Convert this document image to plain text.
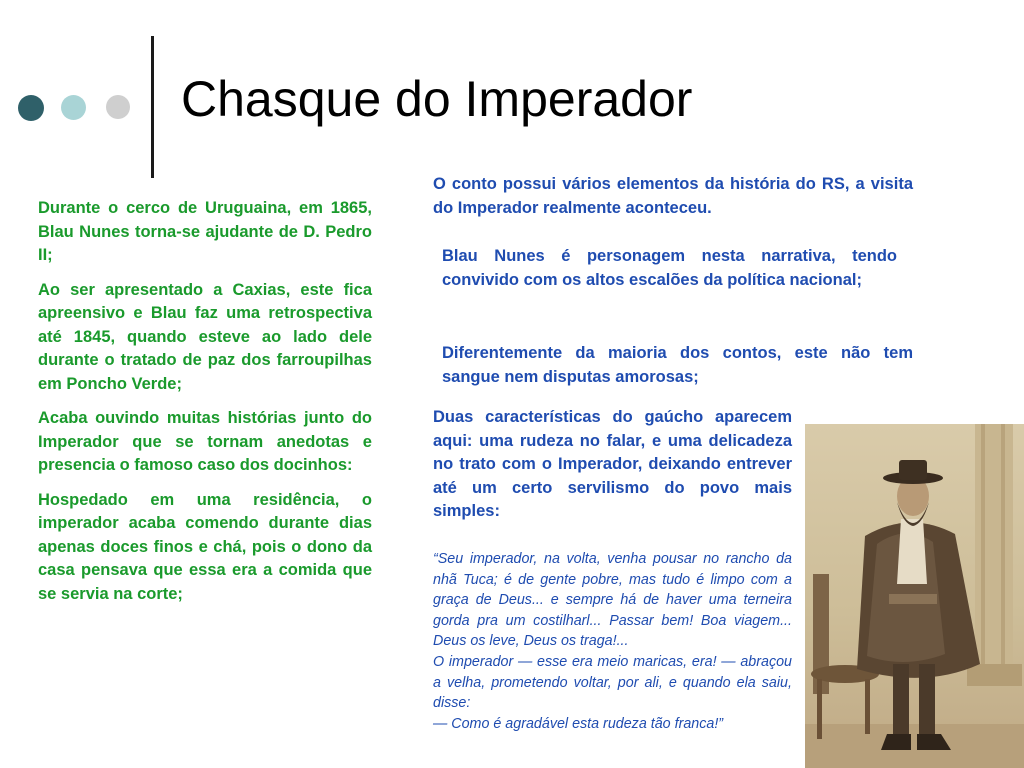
Chasque do Imperador

Durante o cerco de Uruguaina, em 1865, Blau Nunes torna-se ajudante de D. Pedro II;

Ao ser apresentado a Caxias, este fica apreensivo e Blau faz uma retrospectiva até 1845, quando esteve ao lado dele durante o tratado de paz dos farroupilhas em Poncho Verde;

Acaba ouvindo muitas histórias junto do Imperador que se tornam anedotas e presencia o famoso caso dos docinhos:

Hospedado em uma residência, o imperador acaba comendo durante dias apenas doces finos e chá, pois o dono da casa pensava que essa era a comida que se servia na corte;

O conto possui vários elementos da história do RS, a visita do Imperador realmente aconteceu.
Blau Nunes é personagem nesta narrativa, tendo convivido com os altos escalões da política nacional;
Diferentemente da maioria dos contos, este não tem sangue nem disputas amorosas;
Duas características do gaúcho aparecem aqui: uma rudeza no falar, e uma delicadeza no trato com o Imperador, deixando entrever até um certo servilismo do povo mais simples:
“Seu imperador, na volta, venha pousar no rancho da nhã Tuca; é de gente pobre, mas tudo é limpo com a graça de Deus... e sempre há de haver uma terneira gorda pra um costilharl... Passar bem! Boa viagem... Deus os leve, Deus os traga!...
O imperador — esse era meio maricas, era! — abraçou a velha, prometendo voltar, por ali, e quando ela saiu, disse:
— Como é agradável esta rudeza tão franca!”
